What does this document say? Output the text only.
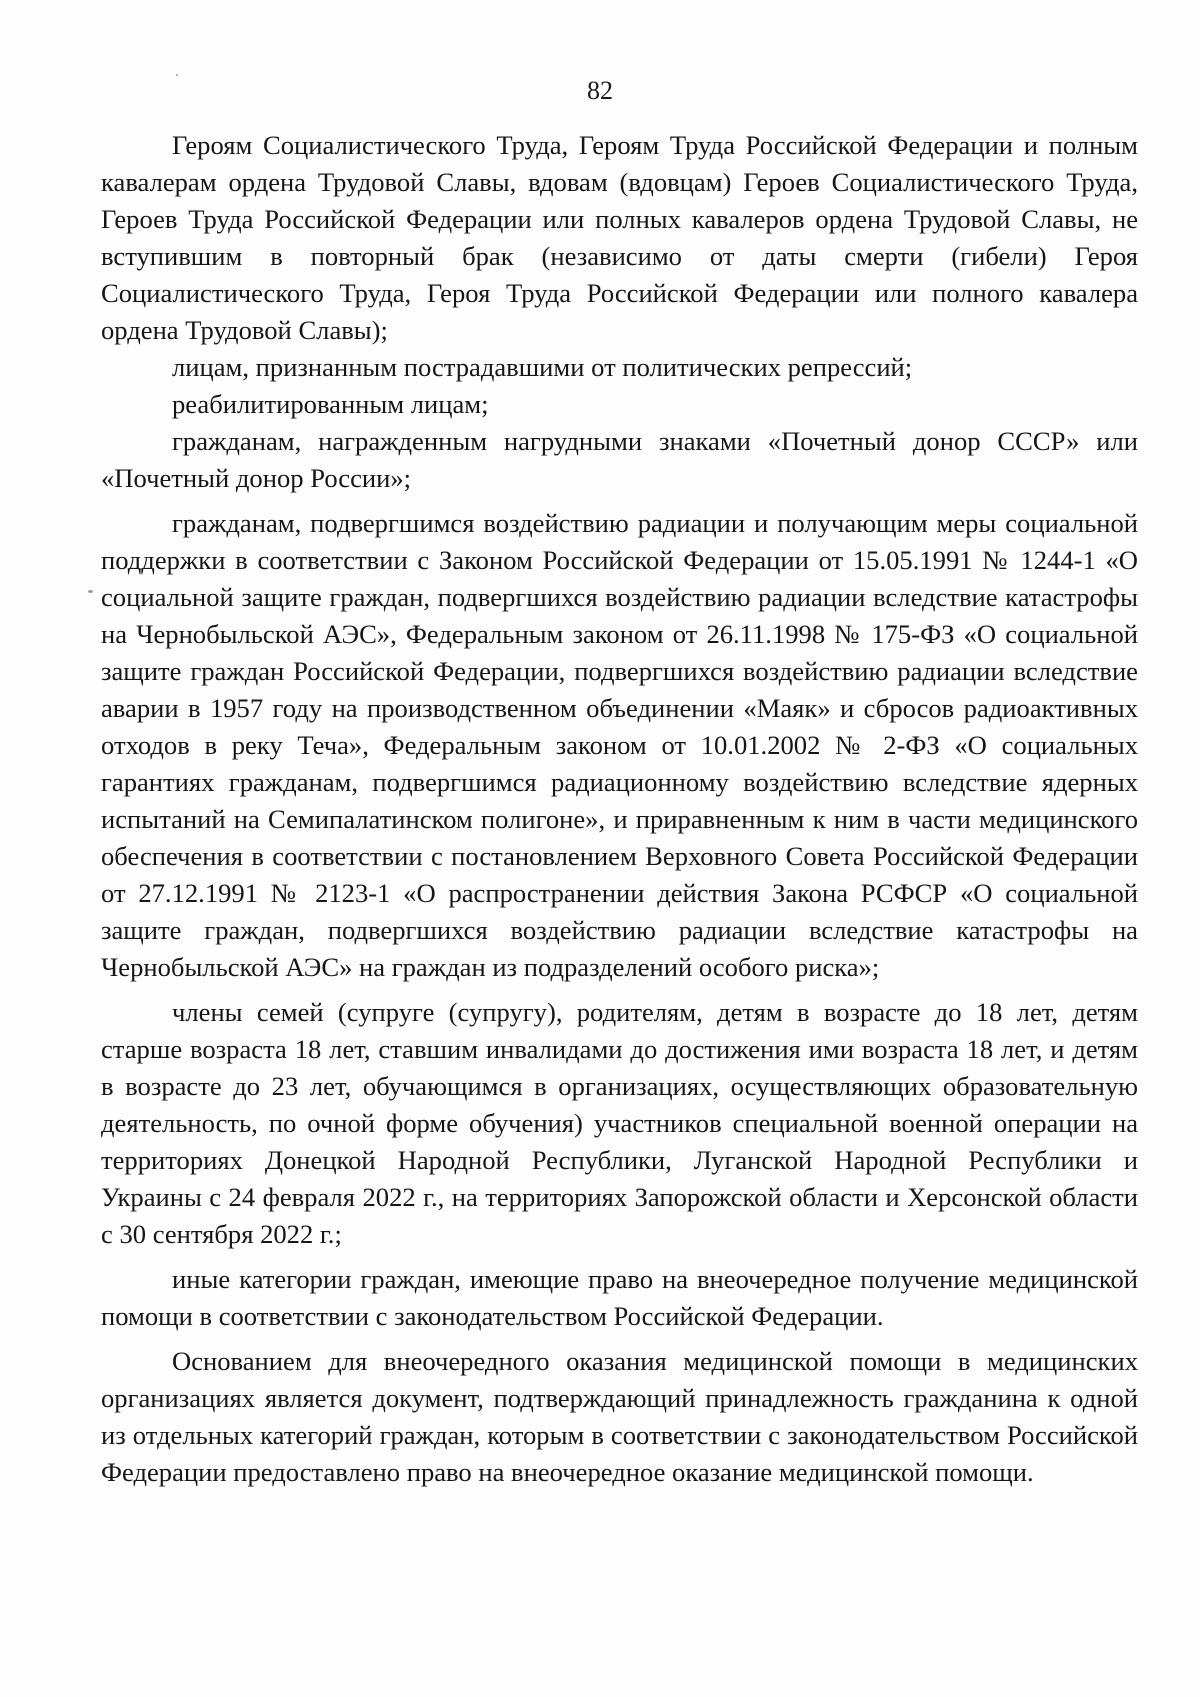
82

Героям Социалистического Труда, Героям Труда Российской Федерации и полным кавалерам ордена Трудовой Славы, вдовам (вдовцам) Героев Социалистического Труда, Героев Труда Российской Федерации или полных кавалеров ордена Трудовой Славы, не вступившим в повторный брак (независимо от даты смерти (гибели) Героя Социалистического Труда, Героя Труда Российской Федерации или полного кавалера ордена Трудовой Славы);

лицам, признанным пострадавшими от политических репрессий;

реабилитированным лицам;

гражданам, награжденным нагрудными знаками «Почетный донор СССР» или «Почетный донор России»;

гражданам, подвергшимся воздействию радиации и получающим меры социальной поддержки в соответствии с Законом Российской Федерации от 15.05.1991 № 1244-1 «О социальной защите граждан, подвергшихся воздействию радиации вследствие катастрофы на Чернобыльской АЭС», Федеральным законом от 26.11.1998 № 175-ФЗ «О социальной защите граждан Российской Федерации, подвергшихся воздействию радиации вследствие аварии в 1957 году на производственном объединении «Маяк» и сбросов радиоактивных отходов в реку Теча», Федеральным законом от 10.01.2002 № 2-ФЗ «О социальных гарантиях гражданам, подвергшимся радиационному воздействию вследствие ядерных испытаний на Семипалатинском полигоне», и приравненным к ним в части медицинского обеспечения в соответствии с постановлением Верховного Совета Российской Федерации от 27.12.1991 № 2123-1 «О распространении действия Закона РСФСР «О социальной защите граждан, подвергшихся воздействию радиации вследствие катастрофы на Чернобыльской АЭС» на граждан из подразделений особого риска»;

члены семей (супруге (супругу), родителям, детям в возрасте до 18 лет, детям старше возраста 18 лет, ставшим инвалидами до достижения ими возраста 18 лет, и детям в возрасте до 23 лет, обучающимся в организациях, осуществляющих образовательную деятельность, по очной форме обучения) участников специальной военной операции на территориях Донецкой Народной Республики, Луганской Народной Республики и Украины с 24 февраля 2022 г., на территориях Запорожской области и Херсонской области с 30 сентября 2022 г.;

иные категории граждан, имеющие право на внеочередное получение медицинской помощи в соответствии с законодательством Российской Федерации.

Основанием для внеочередного оказания медицинской помощи в медицинских организациях является документ, подтверждающий принадлежность гражданина к одной из отдельных категорий граждан, которым в соответствии с законодательством Российской Федерации предоставлено право на внеочередное оказание медицинской помощи.
